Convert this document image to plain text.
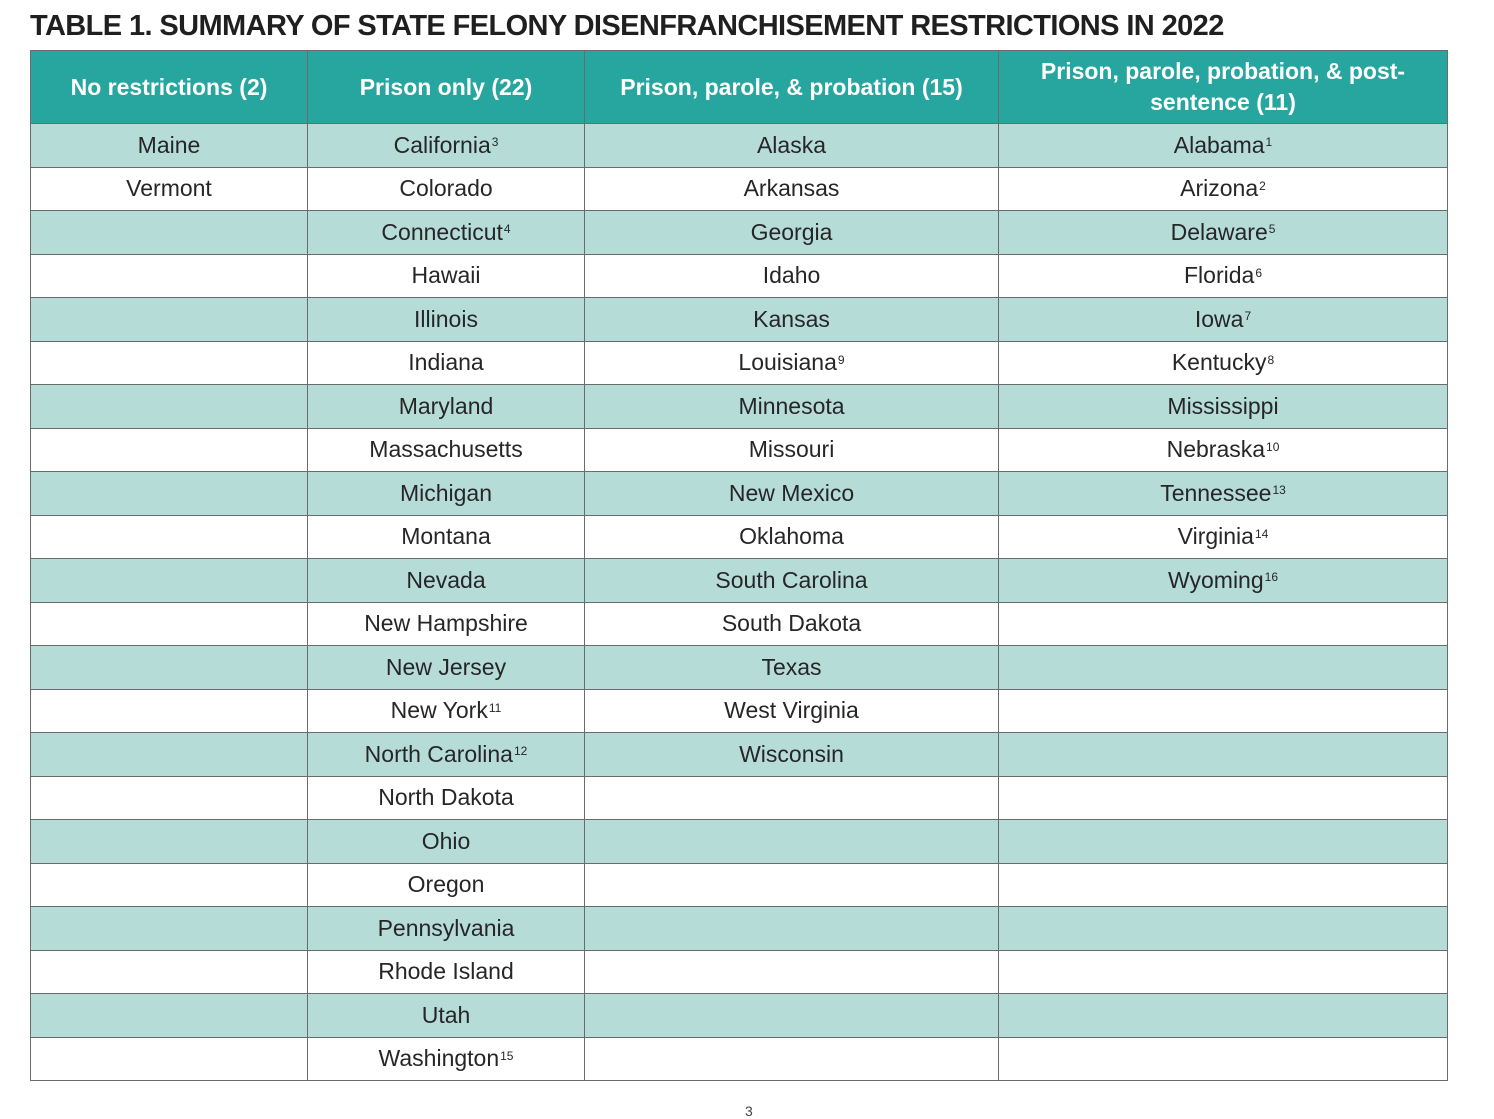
TABLE 1. SUMMARY OF STATE FELONY DISENFRANCHISEMENT RESTRICTIONS IN 2022
No restrictions (2)	Prison only (22)	Prison, parole, & probation (15)	Prison, parole, probation, & post-sentence (11)
Maine	California$^3$	Alaska	Alabama$^1$
Vermont	Colorado	Arkansas	Arizona$^2$
	Connecticut$^4$	Georgia	Delaware$^5$
	Hawaii	Idaho	Florida$^6$
	Illinois	Kansas	Iowa$^7$
	Indiana	Louisiana$^9$	Kentucky$^8$
	Maryland	Minnesota	Mississippi
	Massachusetts	Missouri	Nebraska$^{10}$
	Michigan	New Mexico	Tennessee$^{13}$
	Montana	Oklahoma	Virginia$^{14}$
	Nevada	South Carolina	Wyoming$^{16}$
	New Hampshire	South Dakota	
	New Jersey	Texas	
	New York$^{11}$	West Virginia	
	North Carolina$^{12}$	Wisconsin	
	North Dakota		
	Ohio		
	Oregon		
	Pennsylvania		
	Rhode Island		
	Utah		
	Washington$^{15}$		
3
